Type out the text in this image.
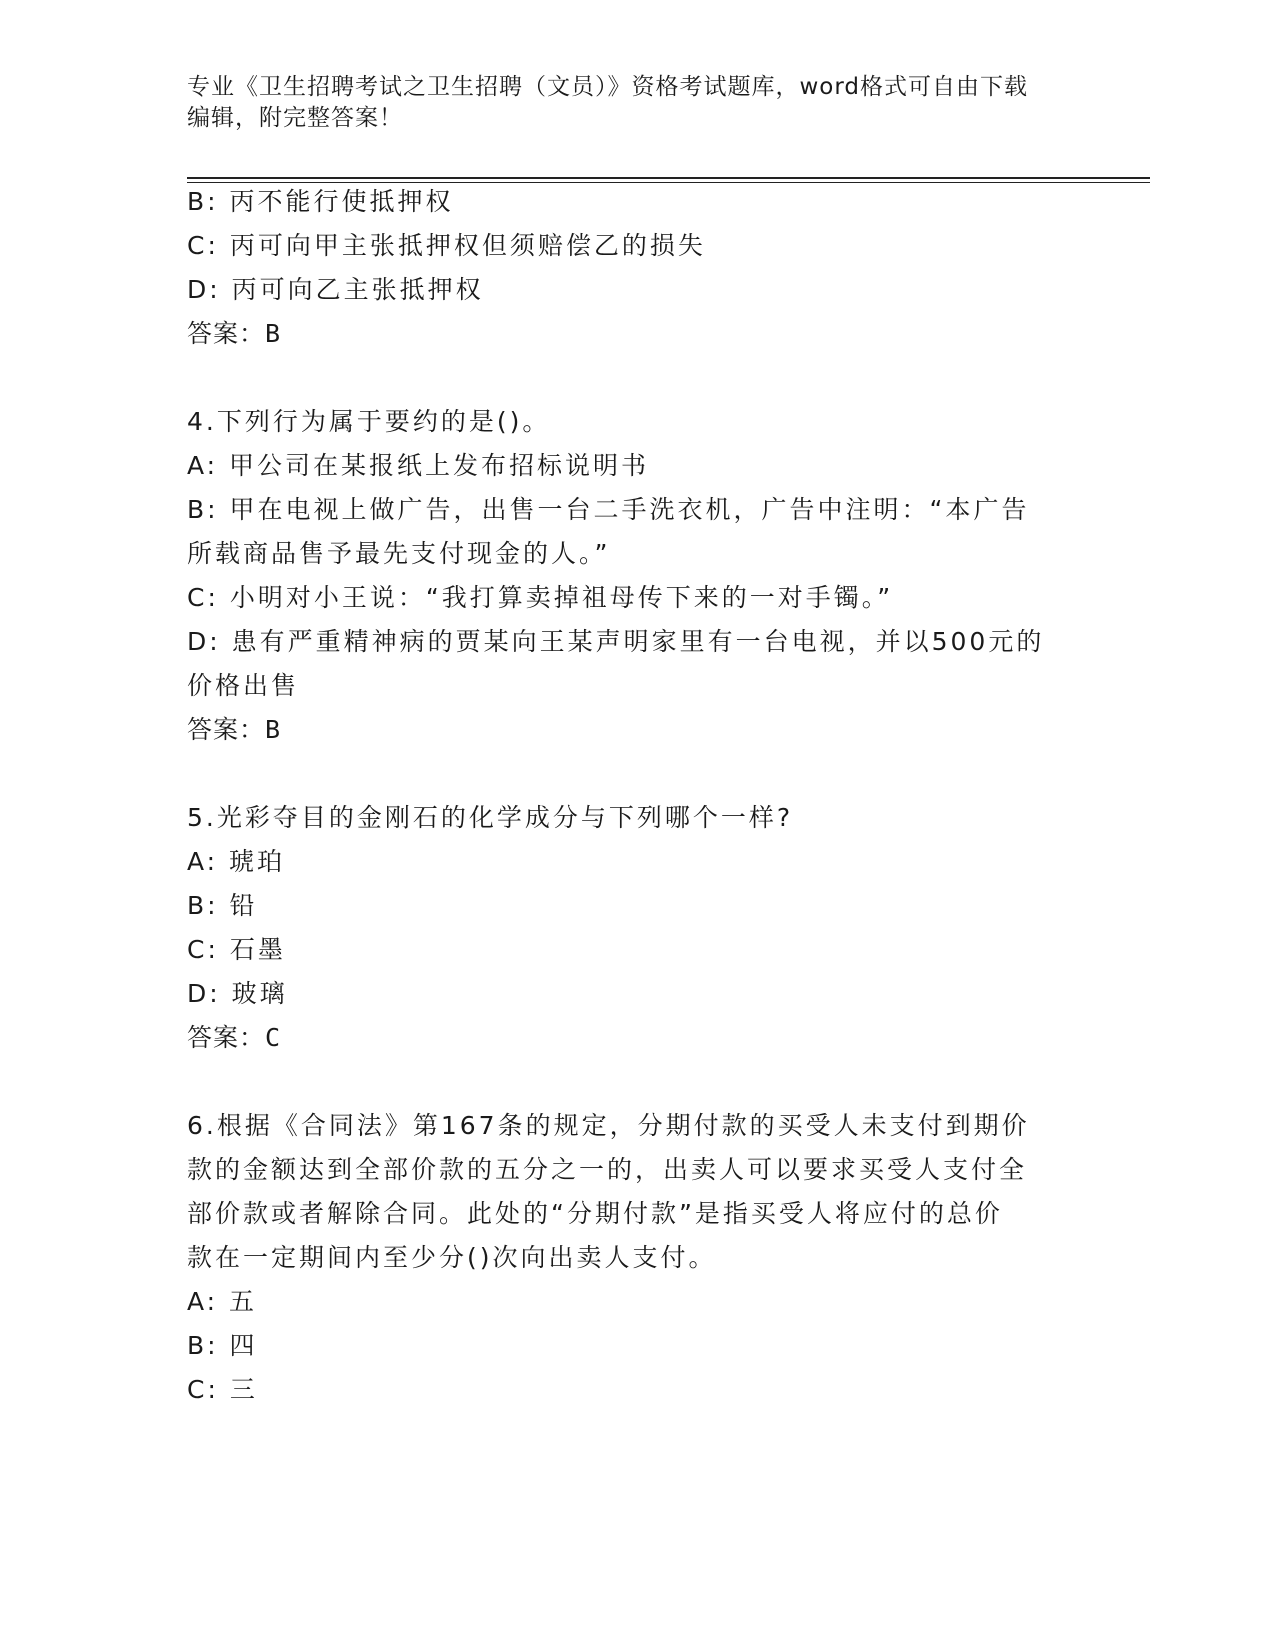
专业《卫生招聘考试之卫生招聘（文员）》资格考试题库，word格式可自由下载
编辑，附完整答案！
B: 丙不能行使抵押权
C: 丙可向甲主张抵押权但须赔偿乙的损失
D: 丙可向乙主张抵押权
答案：B
4.下列行为属于要约的是()。
A: 甲公司在某报纸上发布招标说明书
B: 甲在电视上做广告，出售一台二手洗衣机，广告中注明：“本广告
所载商品售予最先支付现金的人。”
C: 小明对小王说：“我打算卖掉祖母传下来的一对手镯。”
D: 患有严重精神病的贾某向王某声明家里有一台电视，并以500元的
价格出售
答案：B
5.光彩夺目的金刚石的化学成分与下列哪个一样?
A: 琥珀
B: 铅
C: 石墨
D: 玻璃
答案：C
6.根据《合同法》第167条的规定，分期付款的买受人未支付到期价
款的金额达到全部价款的五分之一的，出卖人可以要求买受人支付全
部价款或者解除合同。此处的“分期付款”是指买受人将应付的总价
款在一定期间内至少分()次向出卖人支付。
A: 五
B: 四
C: 三
